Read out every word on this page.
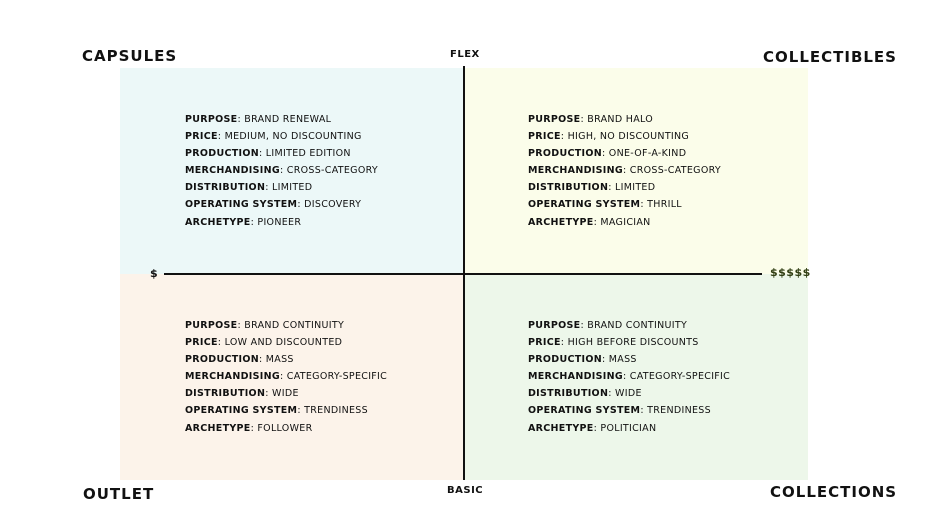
CAPSULES	COLLECTIBLES
OUTLET	COLLECTIONS
FLEX
BASIC
$	$$$$$
PURPOSE: BRAND RENEWAL
PRICE: MEDIUM, NO DISCOUNTING
PRODUCTION: LIMITED EDITION
MERCHANDISING: CROSS-CATEGORY
DISTRIBUTION: LIMITED
OPERATING SYSTEM: DISCOVERY
ARCHETYPE: PIONEER
PURPOSE: BRAND HALO
PRICE: HIGH, NO DISCOUNTING
PRODUCTION: ONE-OF-A-KIND
MERCHANDISING: CROSS-CATEGORY
DISTRIBUTION: LIMITED
OPERATING SYSTEM: THRILL
ARCHETYPE: MAGICIAN
PURPOSE: BRAND CONTINUITY
PRICE: LOW AND DISCOUNTED
PRODUCTION: MASS
MERCHANDISING: CATEGORY-SPECIFIC
DISTRIBUTION: WIDE
OPERATING SYSTEM: TRENDINESS
ARCHETYPE: FOLLOWER
PURPOSE: BRAND CONTINUITY
PRICE: HIGH BEFORE DISCOUNTS
PRODUCTION: MASS
MERCHANDISING: CATEGORY-SPECIFIC
DISTRIBUTION: WIDE
OPERATING SYSTEM: TRENDINESS
ARCHETYPE: POLITICIAN
